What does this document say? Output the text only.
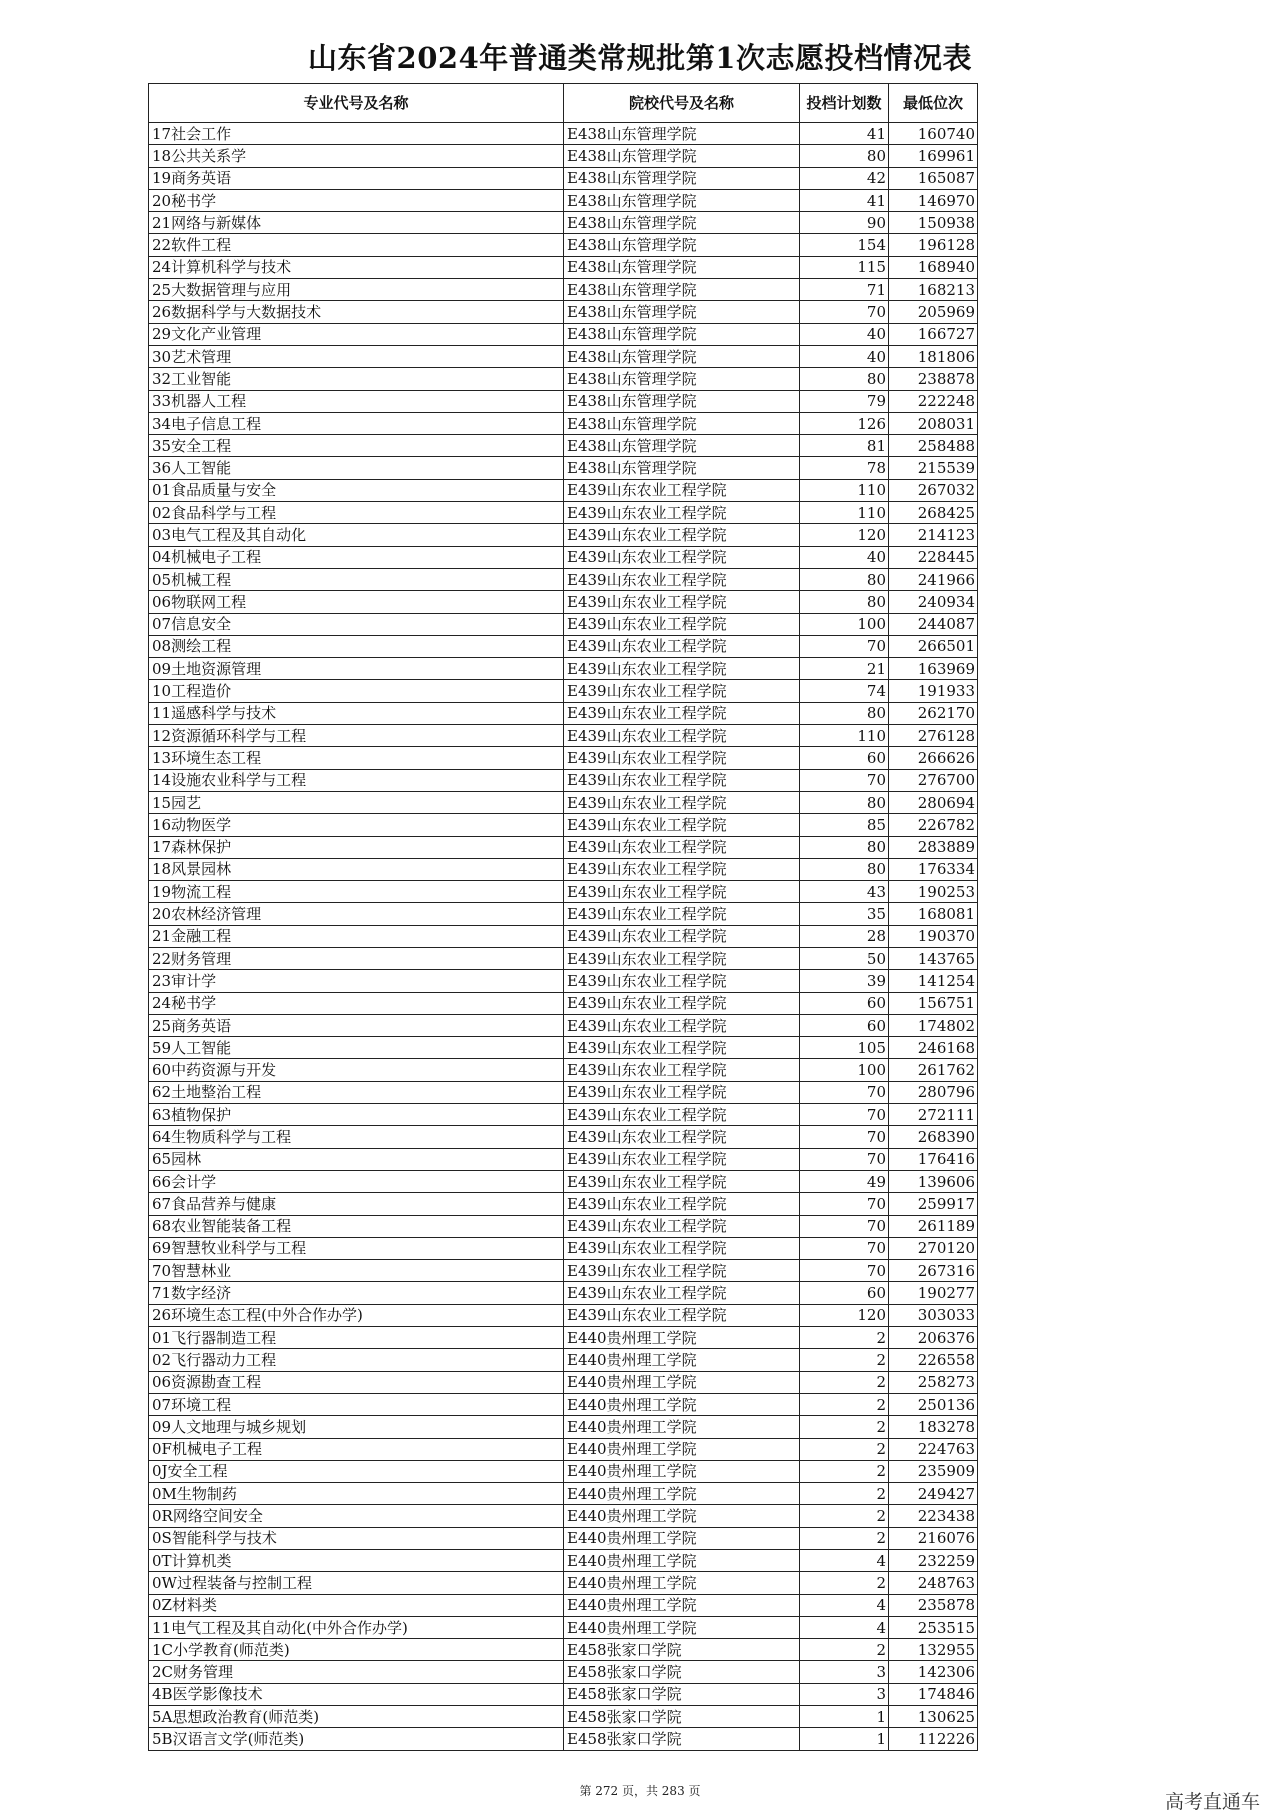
山东省2024年普通类常规批第1次志愿投档情况表
专业代号及名称	院校代号及名称	投档计划数	最低位次
17社会工作	E438山东管理学院	41	160740
18公共关系学	E438山东管理学院	80	169961
19商务英语	E438山东管理学院	42	165087
20秘书学	E438山东管理学院	41	146970
21网络与新媒体	E438山东管理学院	90	150938
22软件工程	E438山东管理学院	154	196128
24计算机科学与技术	E438山东管理学院	115	168940
25大数据管理与应用	E438山东管理学院	71	168213
26数据科学与大数据技术	E438山东管理学院	70	205969
29文化产业管理	E438山东管理学院	40	166727
30艺术管理	E438山东管理学院	40	181806
32工业智能	E438山东管理学院	80	238878
33机器人工程	E438山东管理学院	79	222248
34电子信息工程	E438山东管理学院	126	208031
35安全工程	E438山东管理学院	81	258488
36人工智能	E438山东管理学院	78	215539
01食品质量与安全	E439山东农业工程学院	110	267032
02食品科学与工程	E439山东农业工程学院	110	268425
03电气工程及其自动化	E439山东农业工程学院	120	214123
04机械电子工程	E439山东农业工程学院	40	228445
05机械工程	E439山东农业工程学院	80	241966
06物联网工程	E439山东农业工程学院	80	240934
07信息安全	E439山东农业工程学院	100	244087
08测绘工程	E439山东农业工程学院	70	266501
09土地资源管理	E439山东农业工程学院	21	163969
10工程造价	E439山东农业工程学院	74	191933
11遥感科学与技术	E439山东农业工程学院	80	262170
12资源循环科学与工程	E439山东农业工程学院	110	276128
13环境生态工程	E439山东农业工程学院	60	266626
14设施农业科学与工程	E439山东农业工程学院	70	276700
15园艺	E439山东农业工程学院	80	280694
16动物医学	E439山东农业工程学院	85	226782
17森林保护	E439山东农业工程学院	80	283889
18风景园林	E439山东农业工程学院	80	176334
19物流工程	E439山东农业工程学院	43	190253
20农林经济管理	E439山东农业工程学院	35	168081
21金融工程	E439山东农业工程学院	28	190370
22财务管理	E439山东农业工程学院	50	143765
23审计学	E439山东农业工程学院	39	141254
24秘书学	E439山东农业工程学院	60	156751
25商务英语	E439山东农业工程学院	60	174802
59人工智能	E439山东农业工程学院	105	246168
60中药资源与开发	E439山东农业工程学院	100	261762
62土地整治工程	E439山东农业工程学院	70	280796
63植物保护	E439山东农业工程学院	70	272111
64生物质科学与工程	E439山东农业工程学院	70	268390
65园林	E439山东农业工程学院	70	176416
66会计学	E439山东农业工程学院	49	139606
67食品营养与健康	E439山东农业工程学院	70	259917
68农业智能装备工程	E439山东农业工程学院	70	261189
69智慧牧业科学与工程	E439山东农业工程学院	70	270120
70智慧林业	E439山东农业工程学院	70	267316
71数字经济	E439山东农业工程学院	60	190277
26环境生态工程(中外合作办学)	E439山东农业工程学院	120	303033
01飞行器制造工程	E440贵州理工学院	2	206376
02飞行器动力工程	E440贵州理工学院	2	226558
06资源勘查工程	E440贵州理工学院	2	258273
07环境工程	E440贵州理工学院	2	250136
09人文地理与城乡规划	E440贵州理工学院	2	183278
0F机械电子工程	E440贵州理工学院	2	224763
0J安全工程	E440贵州理工学院	2	235909
0M生物制药	E440贵州理工学院	2	249427
0R网络空间安全	E440贵州理工学院	2	223438
0S智能科学与技术	E440贵州理工学院	2	216076
0T计算机类	E440贵州理工学院	4	232259
0W过程装备与控制工程	E440贵州理工学院	2	248763
0Z材料类	E440贵州理工学院	4	235878
11电气工程及其自动化(中外合作办学)	E440贵州理工学院	4	253515
1C小学教育(师范类)	E458张家口学院	2	132955
2C财务管理	E458张家口学院	3	142306
4B医学影像技术	E458张家口学院	3	174846
5A思想政治教育(师范类)	E458张家口学院	1	130625
5B汉语言文学(师范类)	E458张家口学院	1	112226
第 272 页，共 283 页	高考直通车
